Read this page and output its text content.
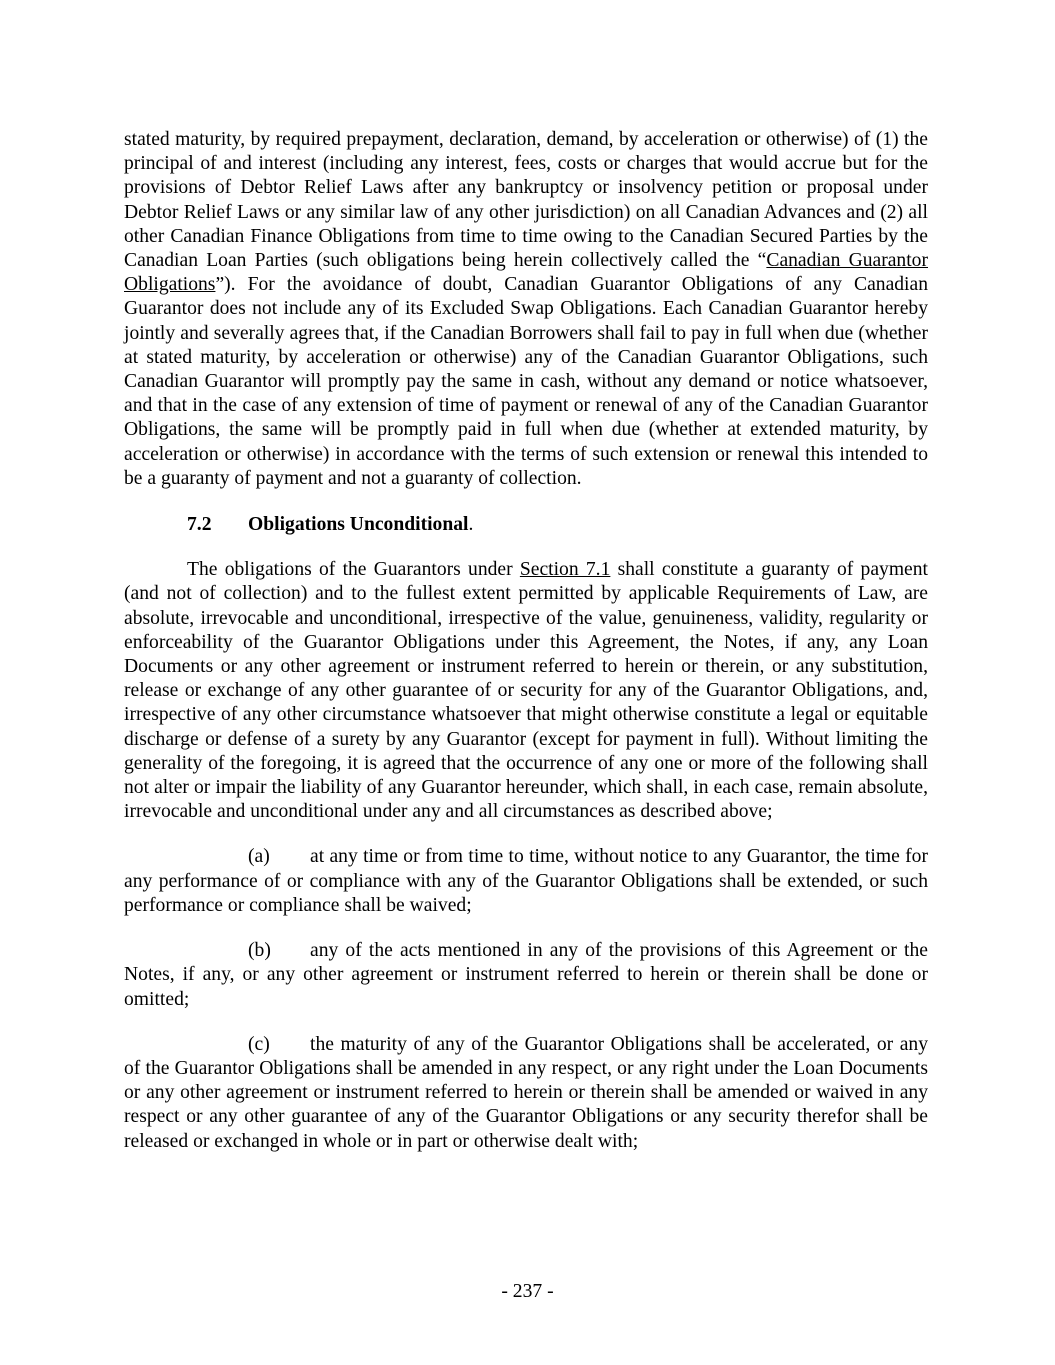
stated maturity, by required prepayment, declaration, demand, by acceleration or otherwise) of (1) the principal of and interest (including any interest, fees, costs or charges that would accrue but for the provisions of Debtor Relief Laws after any bankruptcy or insolvency petition or proposal under Debtor Relief Laws or any similar law of any other jurisdiction) on all Canadian Advances and (2) all other Canadian Finance Obligations from time to time owing to the Canadian Secured Parties by the Canadian Loan Parties (such obligations being herein collectively called the “Canadian Guarantor Obligations”). For the avoidance of doubt, Canadian Guarantor Obligations of any Canadian Guarantor does not include any of its Excluded Swap Obligations. Each Canadian Guarantor hereby jointly and severally agrees that, if the Canadian Borrowers shall fail to pay in full when due (whether at stated maturity, by acceleration or otherwise) any of the Canadian Guarantor Obligations, such Canadian Guarantor will promptly pay the same in cash, without any demand or notice whatsoever, and that in the case of any extension of time of payment or renewal of any of the Canadian Guarantor Obligations, the same will be promptly paid in full when due (whether at extended maturity, by acceleration or otherwise) in accordance with the terms of such extension or renewal this intended to be a guaranty of payment and not a guaranty of collection.

7.2 Obligations Unconditional.

The obligations of the Guarantors under Section 7.1 shall constitute a guaranty of payment (and not of collection) and to the fullest extent permitted by applicable Requirements of Law, are absolute, irrevocable and unconditional, irrespective of the value, genuineness, validity, regularity or enforceability of the Guarantor Obligations under this Agreement, the Notes, if any, any Loan Documents or any other agreement or instrument referred to herein or therein, or any substitution, release or exchange of any other guarantee of or security for any of the Guarantor Obligations, and, irrespective of any other circumstance whatsoever that might otherwise constitute a legal or equitable discharge or defense of a surety by any Guarantor (except for payment in full). Without limiting the generality of the foregoing, it is agreed that the occurrence of any one or more of the following shall not alter or impair the liability of any Guarantor hereunder, which shall, in each case, remain absolute, irrevocable and unconditional under any and all circumstances as described above;

(a) at any time or from time to time, without notice to any Guarantor, the time for any performance of or compliance with any of the Guarantor Obligations shall be extended, or such performance or compliance shall be waived;

(b) any of the acts mentioned in any of the provisions of this Agreement or the Notes, if any, or any other agreement or instrument referred to herein or therein shall be done or omitted;

(c) the maturity of any of the Guarantor Obligations shall be accelerated, or any of the Guarantor Obligations shall be amended in any respect, or any right under the Loan Documents or any other agreement or instrument referred to herein or therein shall be amended or waived in any respect or any other guarantee of any of the Guarantor Obligations or any security therefor shall be released or exchanged in whole or in part or otherwise dealt with;

- 237 -
